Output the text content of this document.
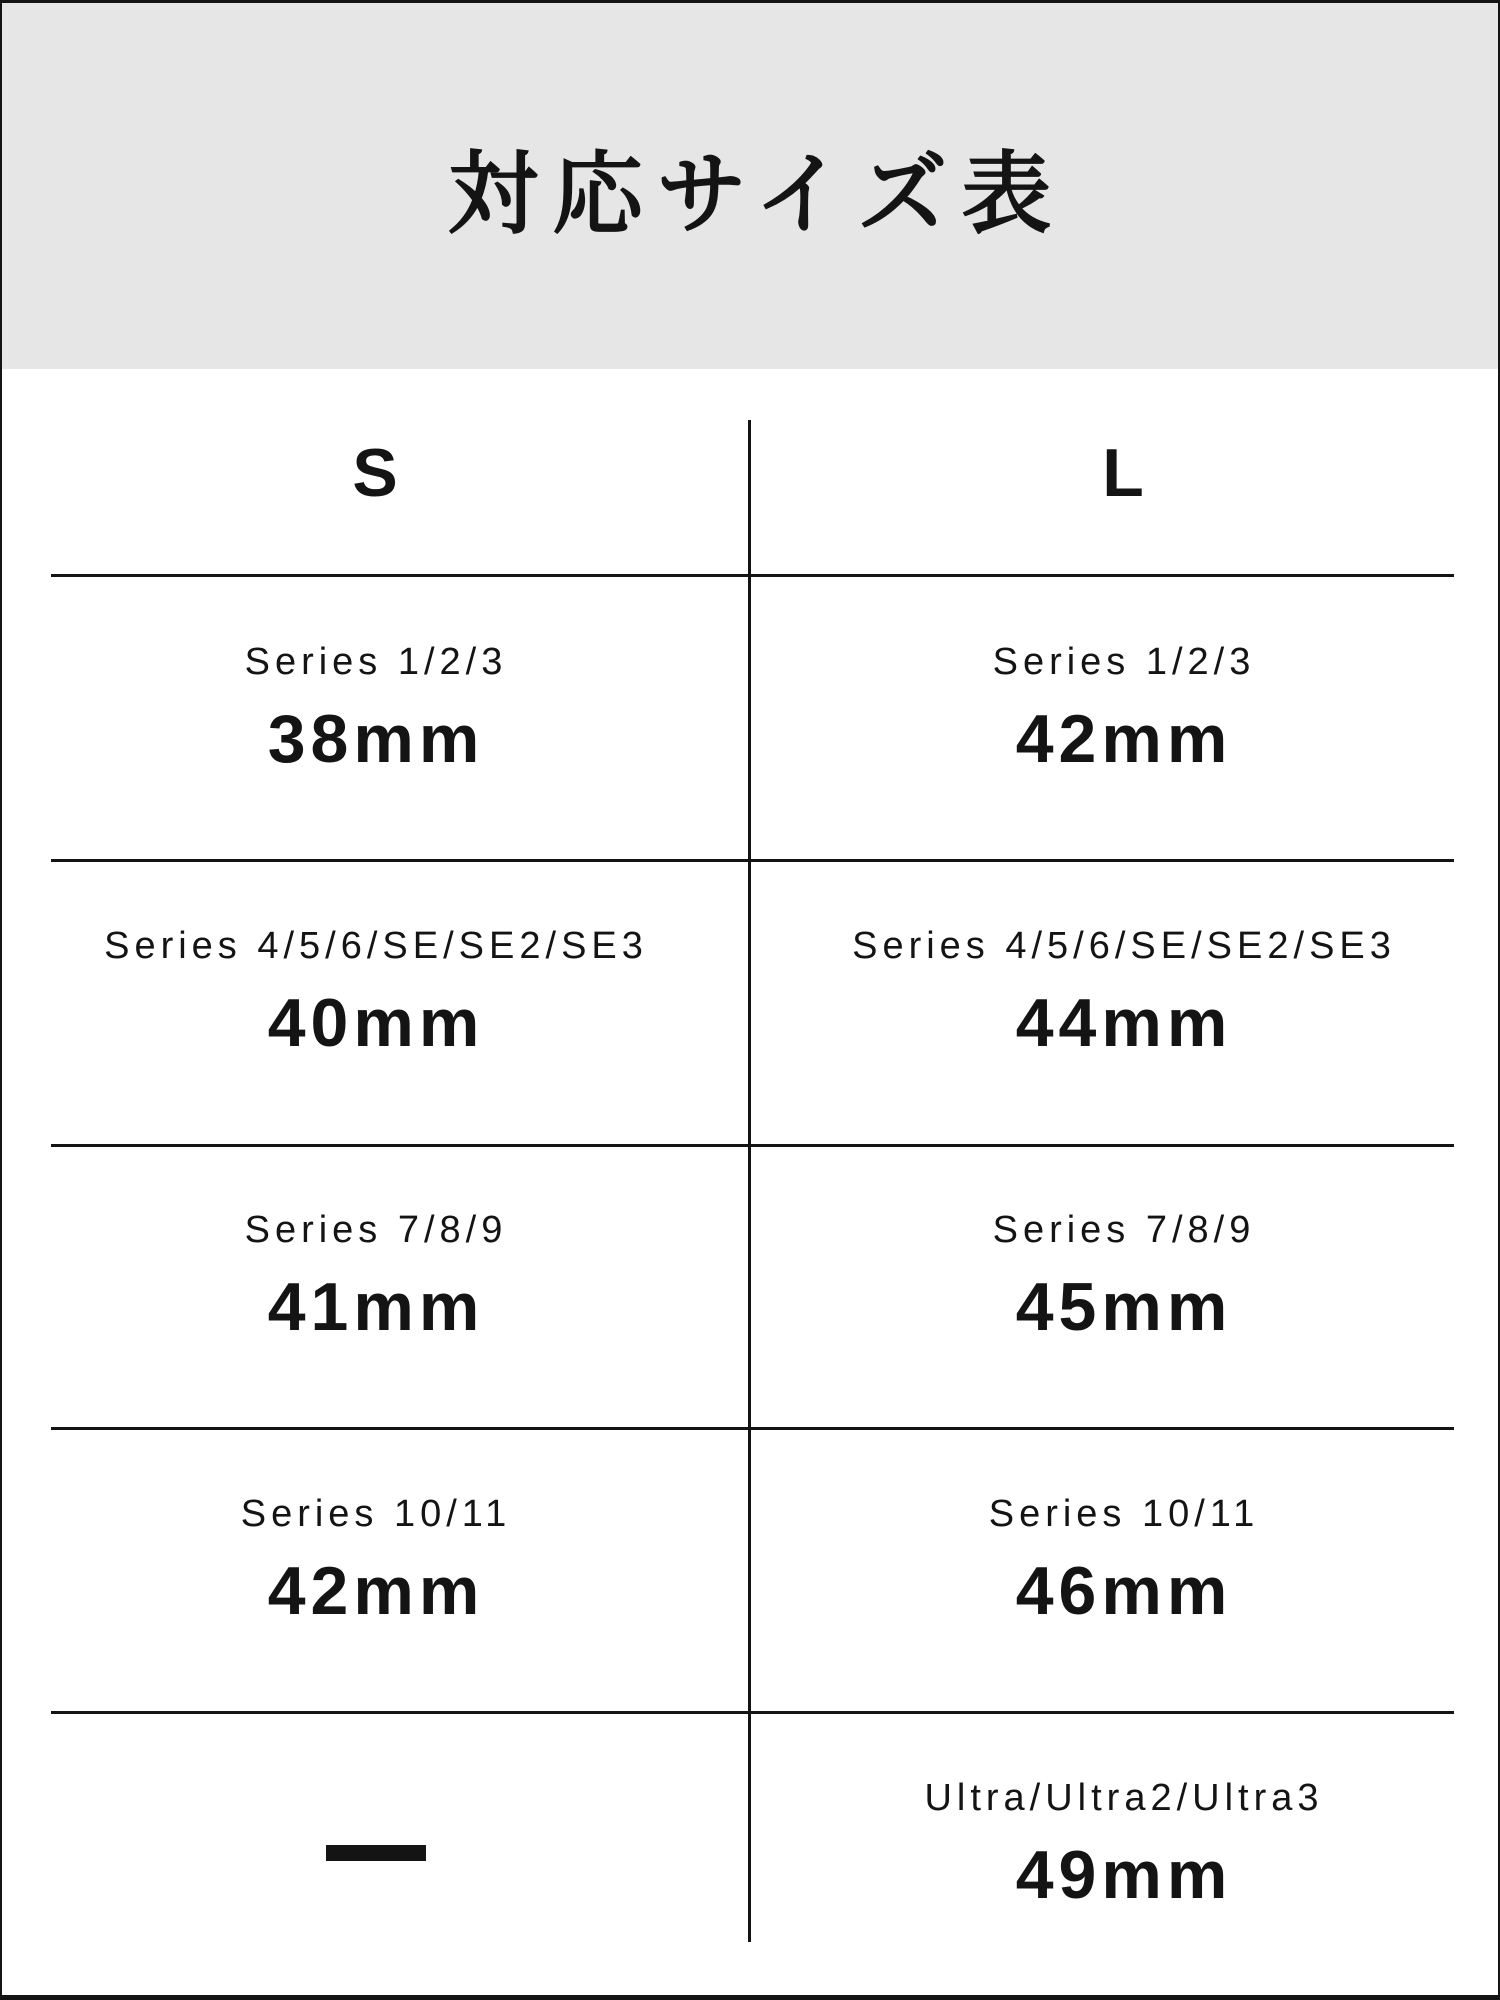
対応サイズ表
S	L
Series 1/2/3
38mm
Series 1/2/3
42mm
Series 4/5/6/SE/SE2/SE3
40mm
Series 4/5/6/SE/SE2/SE3
44mm
Series 7/8/9
41mm
Series 7/8/9
45mm
Series 10/11
42mm
Series 10/11
46mm
—	Ultra/Ultra2/Ultra3
49mm
